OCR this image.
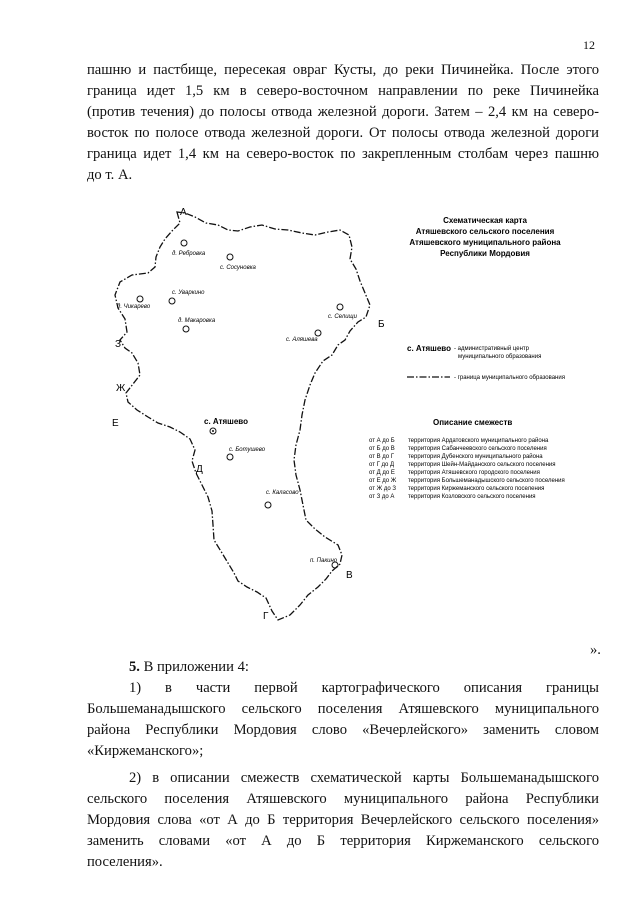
12
пашню и пастбище, пересекая овраг Кусты, до реки Пичинейка. После этого
граница идет 1,5 км в северо-восточном направлении по реке Пичинейка
(против течения) до полосы отвода железной дороги. Затем – 2,4 км на северо-
восток по полосе отвода железной дороги. От полосы отвода железной дороги
граница идет 1,4 км на северо-восток по закрепленным столбам через пашню
до т. А.
А
Б
В
Г
Д
Е
Ж
З
д. Ребровка
с. Сосуновка
с. Уваркино
д. Чикарево
д. Макаровка
с. Селищи
с. Аляшева
с. Атяшево
с. Ботушево
с. Каласово
п. Пакино
Схематическая карта
Атяшевского сельского поселения
Атяшевского муниципального района
Республики Мордовия
с. Атяшево - административный центр
муниципального образования
- граница муниципального образования
Описание смежеств
от А до Б территория Ардатовского муниципального района
от Б до В территория Сабанчеевского сельского поселения
от В до Г территория Дубенского муниципального района
от Г до Д территория Шейн-Майданского сельского поселения
от Д до Е территория Атяшевского городского поселения
от Е до Ж территория Большеманадышского сельского поселения
от Ж до З территория Киржеманского сельского поселения
от З до А территория Козловского сельского поселения
».
5. В приложении 4:
1)    в    части    первой    картографического    описания    границы
Большеманадышского сельского поселения Атяшевского муниципального
района Республики Мордовия слово «Вечерлейского» заменить словом
«Киржеманского»;
2) в описании смежеств схематической карты Большеманадышского
сельского поселения Атяшевского муниципального района Республики
Мордовия слова «от А до Б территория Вечерлейского сельского поселения»
заменить словами «от А до Б территория Киржеманского сельского
поселения».
